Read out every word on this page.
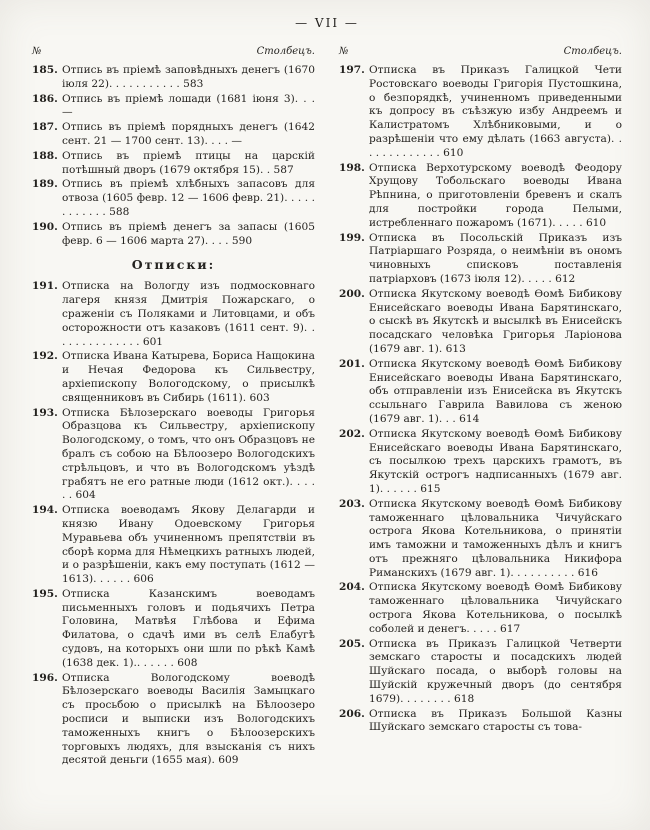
— VII —
№	Столбецъ.
185. Отпись въ пріемѣ заповѣдныхъ денегъ (1670 іюля 22). . . . . . . . . . . 583
186. Отпись въ пріемѣ лошади (1681 іюня 3). . . —
187. Отпись въ пріемѣ порядныхъ денегъ (1642 сент. 21 — 1700 сент. 13). . . . —
188. Отпись въ пріемѣ птицы на царскій потѣшный дворъ (1679 октября 15). . 587
189. Отпись въ пріемѣ хлѣбныхъ запасовъ для отвоза (1605 февр. 12 — 1606 февр. 21). . . . . . . . . . . . 588
190. Отпись въ пріемѣ денегъ за запасы (1605 февр. 6 — 1606 марта 27). . . . 590
Отписки:
191. Отписка на Вологду изъ подмосковнаго лагеря князя Дмитрія Пожарскаго, о сраженіи съ Поляками и Литовцами, и объ осторожности отъ казаковъ (1611 сент. 9). . . . . . . . . . . . . . 601
192. Отписка Ивана Катырева, Бориса Нащокина и Нечая Федорова къ Сильвестру, архіепископу Вологодскому, о присылкѣ священниковъ въ Сибирь (1611). 603
193. Отписка Бѣлозерскаго воеводы Григорья Образцова къ Сильвестру, архіепископу Вологодскому, о томъ, что онъ Образцовъ не бралъ съ собою на Бѣлоозеро Вологодскихъ стрѣльцовъ, и что въ Вологодскомъ уѣздѣ грабятъ не его ратные люди (1612 окт.). . . . . . 604
194. Отписка воеводамъ Якову Делагарди и князю Ивану Одоевскому Григорья Муравьева объ учиненномъ препятствіи въ сборѣ корма для Нѣмецкихъ ратныхъ людей, и о разрѣшеніи, какъ ему поступать (1612 — 1613). . . . . . 606
195. Отписка Казанскимъ воеводамъ письменныхъ головъ и подьячихъ Петра Головина, Матвѣя Глѣбова и Ефима Филатова, о сдачѣ ими въ селѣ Елабугѣ судовъ, на которыхъ они шли по рѣкѣ Камѣ (1638 дек. 1).. . . . . . 608
196. Отписка Вологодскому воеводѣ Бѣлозерскаго воеводы Василія Замыцкаго съ просьбою о присылкѣ на Бѣлоозеро росписи и выписки изъ Вологодскихъ таможенныхъ книгъ о Бѣлоозерскихъ торговыхъ людяхъ, для взысканія съ нихъ десятой деньги (1655 мая). 609
№	Столбецъ.
197. Отписка въ Приказъ Галицкой Чети Ростовскаго воеводы Григорія Пустошкина, о безпорядкѣ, учиненномъ приведенными къ допросу въ съѣзжую избу Андреемъ и Калистратомъ Хлѣбниковыми, и о разрѣшеніи что ему дѣлать (1663 августа). . . . . . . . . . . . . 610
198. Отписка Верхотурскому воеводѣ Феодору Хрущову Тобольскаго воеводы Ивана Рѣпнина, о приготовленіи бревенъ и скалъ для постройки города Пелыми, истребленнаго пожаромъ (1671). . . . . 610
199. Отписка въ Посольскій Приказъ изъ Патріаршаго Розряда, о неимѣніи въ ономъ чиновныхъ списковъ поставленія патріарховъ (1673 іюля 12). . . . . 612
200. Отписка Якутскому воеводѣ Ѳомѣ Бибикову Енисейскаго воеводы Ивана Барятинскаго, о сыскѣ въ Якутскѣ и высылкѣ въ Енисейскъ посадскаго человѣка Григорья Ларіонова (1679 авг. 1). 613
201. Отписка Якутскому воеводѣ Ѳомѣ Бибикову Енисейскаго воеводы Ивана Барятинскаго, объ отправленіи изъ Енисейска въ Якутскъ ссыльнаго Гаврила Вавилова съ женою (1679 авг. 1). . . 614
202. Отписка Якутскому воеводѣ Ѳомѣ Бибикову Енисейскаго воеводы Ивана Барятинскаго, съ посылкою трехъ царскихъ грамотъ, въ Якутскій острогъ надписанныхъ (1679 авг. 1). . . . . . 615
203. Отписка Якутскому воеводѣ Ѳомѣ Бибикову таможеннаго цѣловальника Чичуйскаго острога Якова Котельникова, о принятіи имъ таможни и таможенныхъ дѣлъ и книгъ отъ прежняго цѣловальника Никифора Риманскихъ (1679 авг. 1). . . . . . . . . . 616
204. Отписка Якутскому воеводѣ Ѳомѣ Бибикову таможеннаго цѣловальника Чичуйскаго острога Якова Котельникова, о посылкѣ соболей и денегъ. . . . . 617
205. Отписка въ Приказъ Галицкой Четверти земскаго старосты и посадскихъ людей Шуйскаго посада, о выборѣ головы на Шуйскій кружечный дворъ (до сентября 1679). . . . . . . . 618
206. Отписка въ Приказъ Большой Казны Шуйскаго земскаго старосты съ това-
